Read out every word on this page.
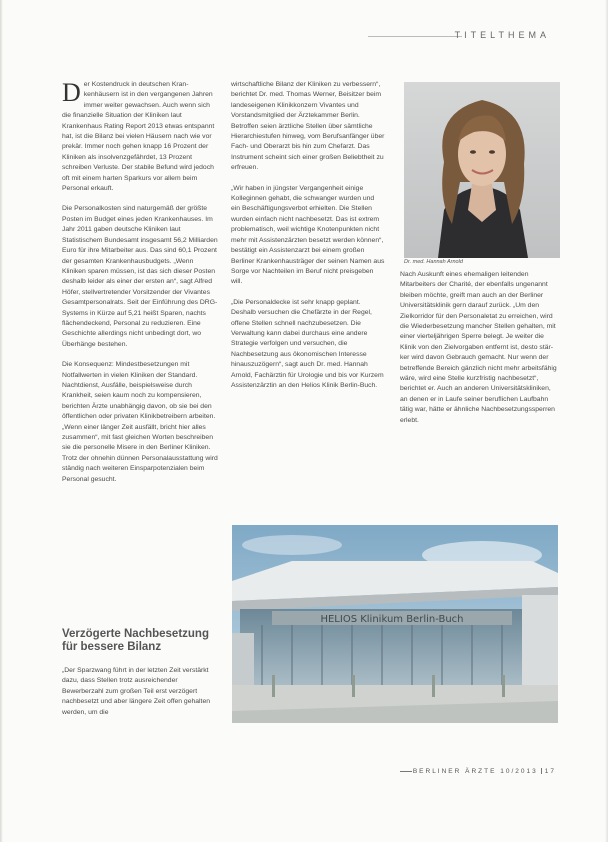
TITELTHEMA

D er Kostendruck in deutschen Krankenhäusern ist in den vergangenen Jahren immer weiter gewachsen. Auch wenn sich die finanzielle Situation der Kliniken laut Krankenhaus Rating Report 2013 etwas entspannt hat, ist die Bilanz bei vielen Häusern nach wie vor prekär. Immer noch gehen knapp 16 Prozent der Kliniken als insolvenzgefährdet, 13 Prozent schreiben Verluste. Der stabile Befund wird jedoch oft mit einem harten Sparkurs vor allem beim Personal erkauft.

Die Personalkosten sind naturgemäß der größte Posten im Budget eines jeden Krankenhauses. Im Jahr 2011 gaben deutsche Kliniken laut Statistischem Bundesamt insgesamt 56,2 Milliarden Euro für ihre Mitarbeiter aus. Das sind 60,1 Prozent der gesamten Krankenhausbudgets. „Wenn Kliniken sparen müssen, ist das sich dieser Posten deshalb leider als einer der ersten an“, sagt Alfred Höfer, stellvertretender Vorsitzender der Vivantes Gesamtpersonalrats. Seit der Einführung des DRG-Systems in Kürze auf 5,21 heißt Sparen, nachts flächendeckend, Personal zu reduzieren. Eine Geschichte allerdings nicht unbedingt dort, wo Überhänge bestehen.

Die Konsequenz: Mindestbesetzungen mit Notfallwerten in vielen Kliniken der Standard. Nachtdienst, Ausfälle, beispielsweise durch Krankheit, seien kaum noch zu kompensieren, berichten Ärzte unabhängig davon, ob sie bei den öffentlichen oder privaten Klinikbetreibern arbeiten. „Wenn einer länger Zeit ausfällt, bricht hier alles zusammen“, mit fast gleichen Worten beschreiben sie die personelle Misere in den Berliner Kliniken. Trotz der ohnehin dünnen Personalausstattung wird ständig nach weiteren Einsparpotenzialen beim Personal gesucht.

Verzögerte Nachbesetzung für bessere Bilanz

„Der Sparzwang führt in der letzten Zeit verstärkt dazu, dass Stellen trotz ausreichender Bewerberzahl zum großen Teil erst verzögert nachbesetzt und aber längere Zeit offen gehalten werden, um die

wirtschaftliche Bilanz der Kliniken zu verbessern“, berichtet Dr. med. Thomas Werner, Beisitzer beim landeseigenen Klinikkonzern Vivantes und Vorstandsmitglied der Ärztekammer Berlin. Betroffen seien ärztliche Stellen über sämtliche Hierarchiestufen hinweg, vom Berufsanfänger über Fach- und Oberarzt bis hin zum Chefarzt. Das Instrument scheint sich einer großen Beliebtheit zu erfreuen.

„Wir haben in jüngster Vergangenheit einige Kolleginnen gehabt, die schwanger wurden und ein Beschäftigungsverbot erhielten. Die Stellen wurden einfach nicht nachbesetzt. Das ist extrem problematisch, weil wichtige Knotenpunkten nicht mehr mit Assistenzärzten besetzt werden können“, bestätigt ein Assistenzarzt bei einem großen Berliner Krankenhausträger der seinen Namen aus Sorge vor Nachteilen im Beruf nicht preisgeben will.

„Die Personaldecke ist sehr knapp geplant. Deshalb versuchen die Chefärzte in der Regel, offene Stellen schnell nachzubesetzen. Die Verwaltung kann dabei durchaus eine andere Strategie verfolgen und versuchen, die Nachbesetzung aus ökonomischen Interesse hinauszuzögern“, sagt auch Dr. med. Hannah Arnold, Fachärztin für Urologie und bis vor Kurzem Assistenzärztin an den Helios Klinik Berlin-Buch.

Dr. med. Hannah Arnold

Nach Auskunft eines ehemaligen leitenden Mitarbeiters der Charité, der ebenfalls ungenannt bleiben möchte, greift man auch an der Berliner Universitätsklinik gern darauf zurück. „Um den Zielkorridor für den Personaletat zu erreichen, wird die Wiederbesetzung mancher Stellen gehalten, mit einer vierteljährigen Sperre belegt. Je weiter die Klinik von den Zielvorgaben entfernt ist, desto stärker wird davon Gebrauch gemacht. Nur wenn der betreffende Bereich gänzlich nicht mehr arbeitsfähig wäre, wird eine Stelle kurzfristig nachbesetzt“, berichtet er. Auch an anderen Universitätskliniken, an denen er in Laufe seiner beruflichen Laufbahn tätig war, hätte er ähnliche Nachbesetzungssperren erlebt.

HELIOS Klinikum Berlin-Buch
BERLINER ÄRZTE 10/2013 17
